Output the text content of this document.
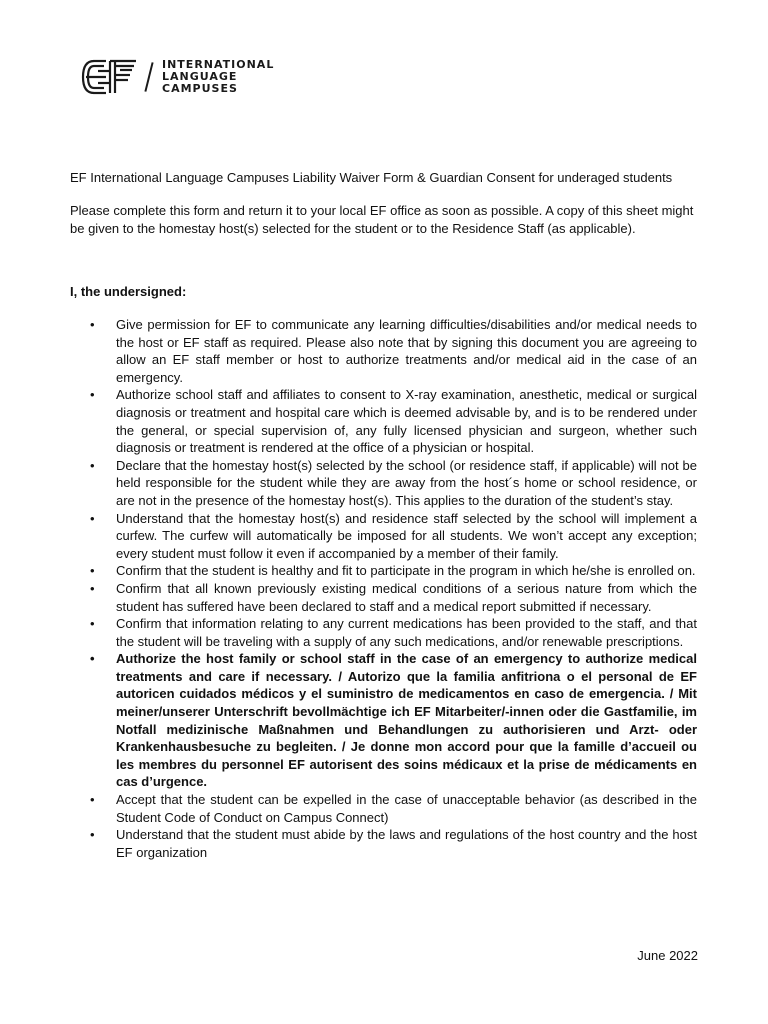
INTERNATIONAL
LANGUAGE
CAMPUSES
EF International Language Campuses Liability Waiver Form & Guardian Consent for underaged students
Please complete this form and return it to your local EF office as soon as possible. A copy of this sheet might be given to the homestay host(s) selected for the student or to the Residence Staff (as applicable).
I, the undersigned:
• Give permission for EF to communicate any learning difficulties/disabilities and/or medical needs to the host or EF staff as required. Please also note that by signing this document you are agreeing to allow an EF staff member or host to authorize treatments and/or medical aid in the case of an emergency.
• Authorize school staff and affiliates to consent to X-ray examination, anesthetic, medical or surgical diagnosis or treatment and hospital care which is deemed advisable by, and is to be rendered under the general, or special supervision of, any fully licensed physician and surgeon, whether such diagnosis or treatment is rendered at the office of a physician or hospital.
• Declare that the homestay host(s) selected by the school (or residence staff, if applicable) will not be held responsible for the student while they are away from the host´s home or school residence, or are not in the presence of the homestay host(s). This applies to the duration of the student’s stay.
• Understand that the homestay host(s) and residence staff selected by the school will implement a curfew. The curfew will automatically be imposed for all students. We won’t accept any exception; every student must follow it even if accompanied by a member of their family.
• Confirm that the student is healthy and fit to participate in the program in which he/she is enrolled on.
• Confirm that all known previously existing medical conditions of a serious nature from which the student has suffered have been declared to staff and a medical report submitted if necessary.
• Confirm that information relating to any current medications has been provided to the staff, and that the student will be traveling with a supply of any such medications, and/or renewable prescriptions.
• Authorize the host family or school staff in the case of an emergency to authorize medical treatments and care if necessary. / Autorizo que la familia anfitriona o el personal de EF autoricen cuidados médicos y el suministro de medicamentos en caso de emergencia. / Mit meiner/unserer Unterschrift bevollmächtige ich EF Mitarbeiter/-innen oder die Gastfamilie, im Notfall medizinische Maßnahmen und Behandlungen zu authorisieren und Arzt- oder Krankenhausbesuche zu begleiten. / Je donne mon accord pour que la famille d’accueil ou les membres du personnel EF autorisent des soins médicaux et la prise de médicaments en cas d’urgence.
• Accept that the student can be expelled in the case of unacceptable behavior (as described in the Student Code of Conduct on Campus Connect)
• Understand that the student must abide by the laws and regulations of the host country and the host EF organization
June 2022
